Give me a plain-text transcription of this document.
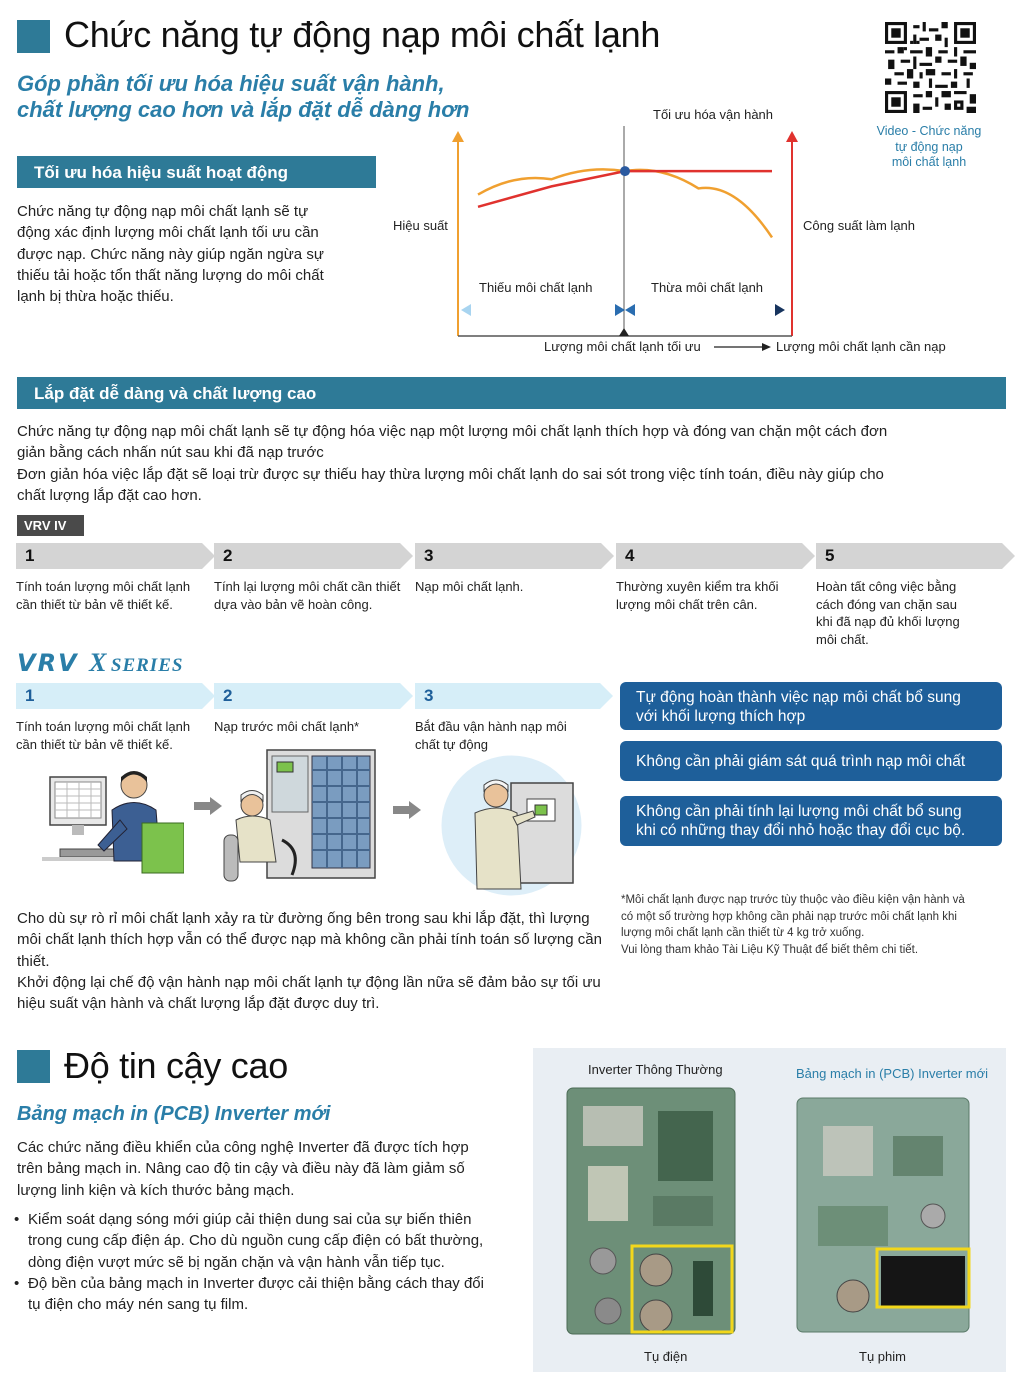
Chức năng tự động nạp môi chất lạnh
Góp phần tối ưu hóa hiệu suất vận hành,
chất lượng cao hơn và lắp đặt dễ dàng hơn
Video - Chức năng
tự động nạp
môi chất lạnh
Tối ưu hóa hiệu suất hoạt động
Chức năng tự động nạp môi chất lạnh sẽ tự
động xác định lượng môi chất lạnh tối ưu cần
được nạp. Chức năng này giúp ngăn ngừa sự
thiếu tải hoặc tổn thất năng lượng do môi chất
lạnh bị thừa hoặc thiếu.
Tối ưu hóa vận hành
Hiệu suất	Công suất làm lạnh
Thiếu môi chất lạnh	Thừa môi chất lạnh
Lượng môi chất lạnh tối ưu	Lượng môi chất lạnh cần nạp
Lắp đặt dễ dàng và chất lượng cao
Chức năng tự động nạp môi chất lạnh sẽ tự động hóa việc nạp một lượng môi chất lạnh thích hợp và đóng van chặn một cách đơn
giản bằng cách nhấn nút sau khi đã nạp trước
Đơn giản hóa việc lắp đặt sẽ loại trừ được sự thiếu hay thừa lượng môi chất lạnh do sai sót trong việc tính toán, điều này giúp cho
chất lượng lắp đặt cao hơn.
VRV IV
1
Tính toán lượng môi chất lạnh
cần thiết từ bản vẽ thiết kế.
2
Tính lại lượng môi chất cần thiết
dựa vào bản vẽ hoàn công.
3
Nạp môi chất lạnh.
4
Thường xuyên kiểm tra khối
lượng môi chất trên cân.
5
Hoàn tất công việc bằng
cách đóng van chặn sau
khi đã nạp đủ khối lượng
môi chất.
VRV X SERIES
1
Tính toán lượng môi chất lạnh
cần thiết từ bản vẽ thiết kế.
2
Nạp trước môi chất lạnh*
3
Bắt đầu vận hành nạp môi
chất tự động
Tự động hoàn thành việc nạp môi chất bổ sung
với khối lượng thích hợp
Không cần phải giám sát quá trình nạp môi chất
Không cần phải tính lại lượng môi chất bổ sung
khi có những thay đổi nhỏ hoặc thay đổi cục bộ.
*Môi chất lạnh được nạp trước tùy thuộc vào điều kiện vận hành và
có một số trường hợp không cần phải nạp trước môi chất lạnh khi
lượng môi chất lạnh cần thiết từ 4 kg trở xuống.
Vui lòng tham khảo Tài Liệu Kỹ Thuật để biết thêm chi tiết.
Cho dù sự rò rỉ môi chất lạnh xảy ra từ đường ống bên trong sau khi lắp đặt, thì lượng
môi chất lạnh thích hợp vẫn có thể được nạp mà không cần phải tính toán số lượng cần
thiết.
Khởi động lại chế độ vận hành nạp môi chất lạnh tự động lần nữa sẽ đảm bảo sự tối ưu
hiệu suất vận hành và chất lượng lắp đặt được duy trì.
Độ tin cậy cao
Bảng mạch in (PCB) Inverter mới
Các chức năng điều khiển của công nghệ Inverter đã được tích hợp
trên bảng mạch in. Nâng cao độ tin cậy và điều này đã làm giảm số
lượng linh kiện và kích thước bảng mạch.
• Kiểm soát dạng sóng mới giúp cải thiện dung sai của sự biến thiên
trong cung cấp điện áp. Cho dù nguồn cung cấp điện có bất thường,
dòng điện vượt mức sẽ bị ngăn chặn và vận hành vẫn tiếp tục.
• Độ bền của bảng mạch in Inverter được cải thiện bằng cách thay đổi
tụ điện cho máy nén sang tụ film.
Inverter Thông Thường	Bảng mạch in (PCB) Inverter mới
Tụ điện	Tụ phim
